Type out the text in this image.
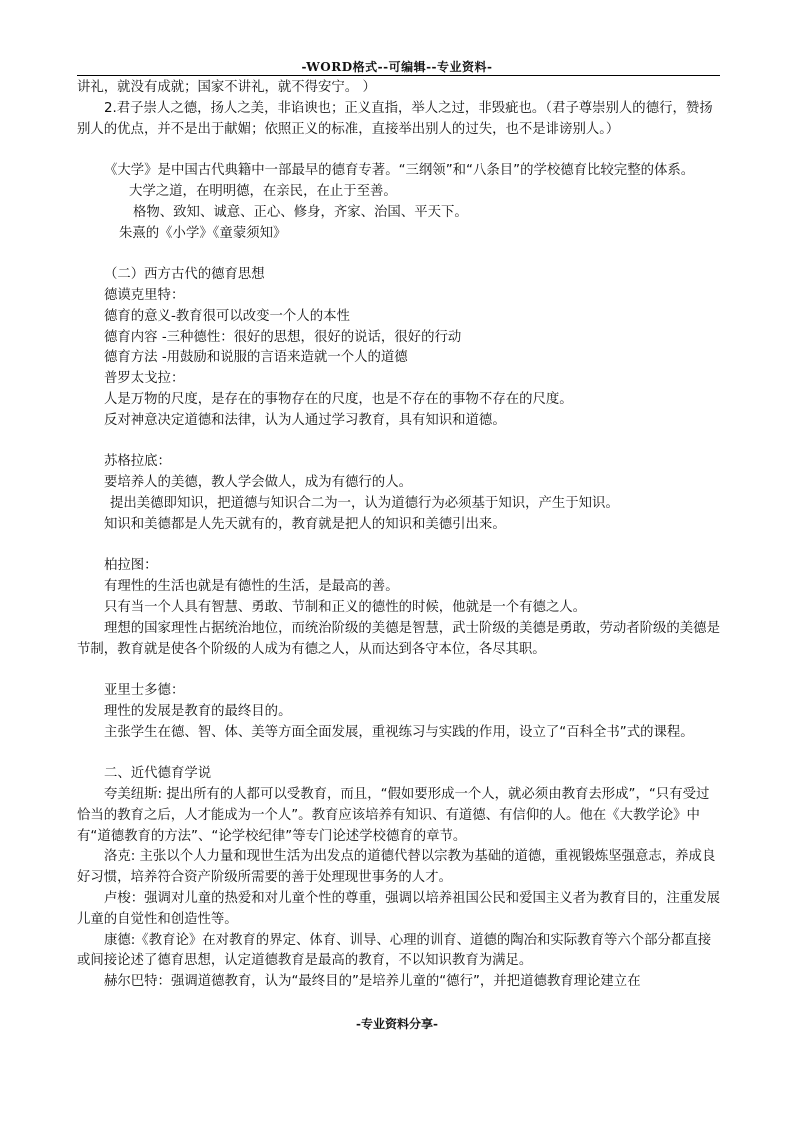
-WORD格式--可编辑--专业资料-

讲礼，就没有成就；国家不讲礼，就不得安宁。 ）

2.君子崇人之德，扬人之美，非谄谀也；正义直指，举人之过，非毁疵也。（君子尊崇别人的德行，赞扬别人的优点，并不是出于献媚；依照正义的标准，直接举出别人的过失，也不是诽谤别人。）

《大学》是中国古代典籍中一部最早的德育专著。“三纲领”和“八条目”的学校德育比较完整的体系。

大学之道，在明明德，在亲民，在止于至善。

格物、致知、诚意、正心、修身，齐家、治国、平天下。

朱熹的《小学》《童蒙须知》

（二）西方古代的德育思想

德谟克里特：

德育的意义-教育很可以改变一个人的本性

德育内容 -三种德性：很好的思想，很好的说话，很好的行动

德育方法 -用鼓励和说服的言语来造就一个人的道德

普罗太戈拉：

人是万物的尺度，是存在的事物存在的尺度，也是不存在的事物不存在的尺度。

反对神意决定道德和法律，认为人通过学习教育，具有知识和道德。

苏格拉底：

要培养人的美德，教人学会做人，成为有德行的人。

提出美德即知识，把道德与知识合二为一，认为道德行为必须基于知识，产生于知识。

知识和美德都是人先天就有的，教育就是把人的知识和美德引出来。

柏拉图：

有理性的生活也就是有德性的生活，是最高的善。

只有当一个人具有智慧、勇敢、节制和正义的德性的时候，他就是一个有德之人。

理想的国家理性占据统治地位，而统治阶级的美德是智慧，武士阶级的美德是勇敢，劳动者阶级的美德是节制，教育就是使各个阶级的人成为有德之人，从而达到各守本位，各尽其职。

亚里士多德：

理性的发展是教育的最终目的。

主张学生在德、智、体、美等方面全面发展，重视练习与实践的作用，设立了“百科全书”式的课程。

二、近代德育学说

夸美纽斯: 提出所有的人都可以受教育，而且，“假如要形成一个人，就必须由教育去形成”，“只有受过恰当的教育之后，人才能成为一个人”。教育应该培养有知识、有道德、有信仰的人。他在《大教学论》中有“道德教育的方法”、“论学校纪律”等专门论述学校德育的章节。

洛克: 主张以个人力量和现世生活为出发点的道德代替以宗教为基础的道德，重视锻炼坚强意志，养成良好习惯，培养符合资产阶级所需要的善于处理现世事务的人才。

卢梭：强调对儿童的热爱和对儿童个性的尊重，强调以培养祖国公民和爱国主义者为教育目的，注重发展儿童的自觉性和创造性等。

康德:《教育论》在对教育的界定、体育、训导、心理的训育、道德的陶冶和实际教育等六个部分都直接或间接论述了德育思想，认定道德教育是最高的教育，不以知识教育为满足。

赫尔巴特：强调道德教育，认为“最终目的”是培养儿童的“德行”，并把道德教育理论建立在

-专业资料分享-
